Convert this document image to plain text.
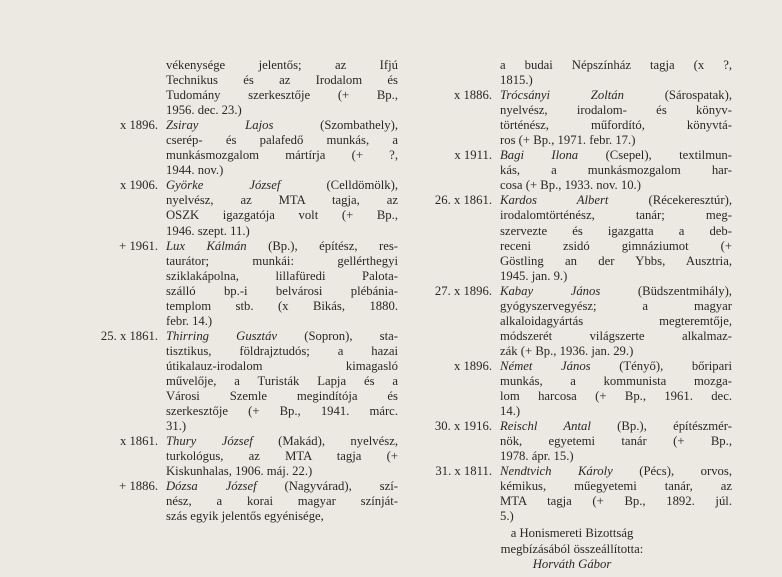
vékenysége jelentős; az Ifjú
Technikus és az Irodalom és
Tudomány szerkesztője (+ Bp.,
1956. dec. 23.)
x 1896. Zsiray Lajos (Szombathely),
cserép- és palafedő munkás, a
munkásmozgalom mártírja (+ ?,
1944. nov.)
x 1906. Györke József (Celldömölk),
nyelvész, az MTA tagja, az
OSZK igazgatója volt (+ Bp.,
1946. szept. 11.)
+ 1961. Lux Kálmán (Bp.), építész, res-
taurátor; munkái: gellérthegyi
sziklakápolna, lillafüredi Palota-
szálló bp.-i belvárosi plébánia-
templom stb. (x Bikás, 1880.
febr. 14.)
25. x 1861. Thirring Gusztáv (Sopron), sta-
tisztikus, földrajztudós; a hazai
útikalauz-irodalom kimagasló
művelője, a Turisták Lapja és a
Városi Szemle megindítója és
szerkesztője (+ Bp., 1941. márc.
31.)
x 1861. Thury József (Makád), nyelvész,
turkológus, az MTA tagja (+
Kiskunhalas, 1906. máj. 22.)
+ 1886. Dózsa József (Nagyvárad), szí-
nész, a korai magyar színját-
szás egyik jelentős egyénisége,
a budai Népszínház tagja (x ?,
1815.)
x 1886. Trócsányi Zoltán (Sárospatak),
nyelvész, irodalom- és könyv-
történész, műfordító, könyvtá-
ros (+ Bp., 1971. febr. 17.)
x 1911. Bagi Ilona (Csepel), textilmun-
kás, a munkásmozgalom har-
cosa (+ Bp., 1933. nov. 10.)
26. x 1861. Kardos Albert (Récekeresztúr),
irodalomtörténész, tanár; meg-
szervezte és igazgatta a deb-
receni zsidó gimnáziumot (+
Göstling an der Ybbs, Ausztria,
1945. jan. 9.)
27. x 1896. Kabay János (Büdszentmihály),
gyógyszervegyész; a magyar
alkaloidagyártás megteremtője,
módszerét világszerte alkalmaz-
zák (+ Bp., 1936. jan. 29.)
x 1896. Német János (Tényő), bőripari
munkás, a kommunista mozga-
lom harcosa (+ Bp., 1961. dec.
14.)
30. x 1916. Reischl Antal (Bp.), építészmér-
nök, egyetemi tanár (+ Bp.,
1978. ápr. 15.)
31. x 1811. Nendtvich Károly (Pécs), orvos,
kémikus, műegyetemi tanár, az
MTA tagja (+ Bp., 1892. júl.
5.)
a Honismereti Bizottság
megbízásából összeállította:
Horváth Gábor
